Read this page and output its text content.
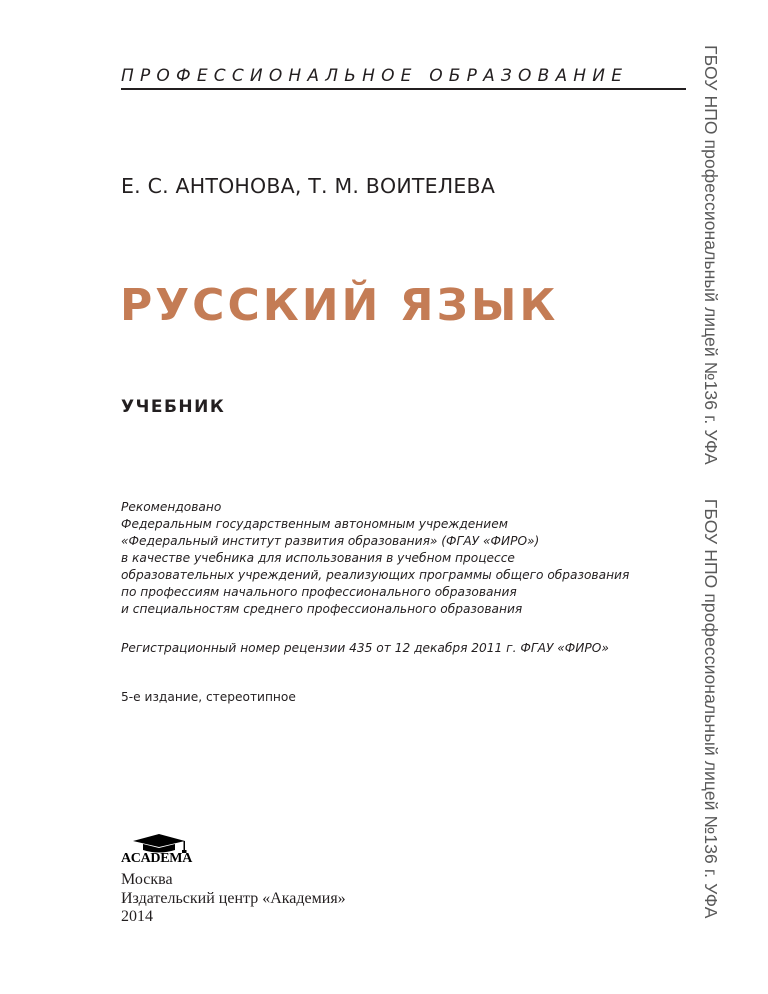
ПРОФЕССИОНАЛЬНОЕ ОБРАЗОВАНИЕ
Е. С. АНТОНОВА, Т. М. ВОИТЕЛЕВА
РУССКИЙ ЯЗЫК
УЧЕБНИК
Рекомендовано
Федеральным государственным автономным учреждением
«Федеральный институт развития образования» (ФГАУ «ФИРО»)
в качестве учебника для использования в учебном процессе
образовательных учреждений, реализующих программы общего образования
по профессиям начального профессионального образования
и специальностям среднего профессионального образования
Регистрационный номер рецензии 435 от 12 декабря 2011 г. ФГАУ «ФИРО»
5-е издание, стереотипное
ACADEMA
Москва
Издательский центр «Академия»
2014
ГБОУ НПО профессиональный лицей №136 г. УФАГБОУ НПО профессиональный лицей №136 г. УФА
